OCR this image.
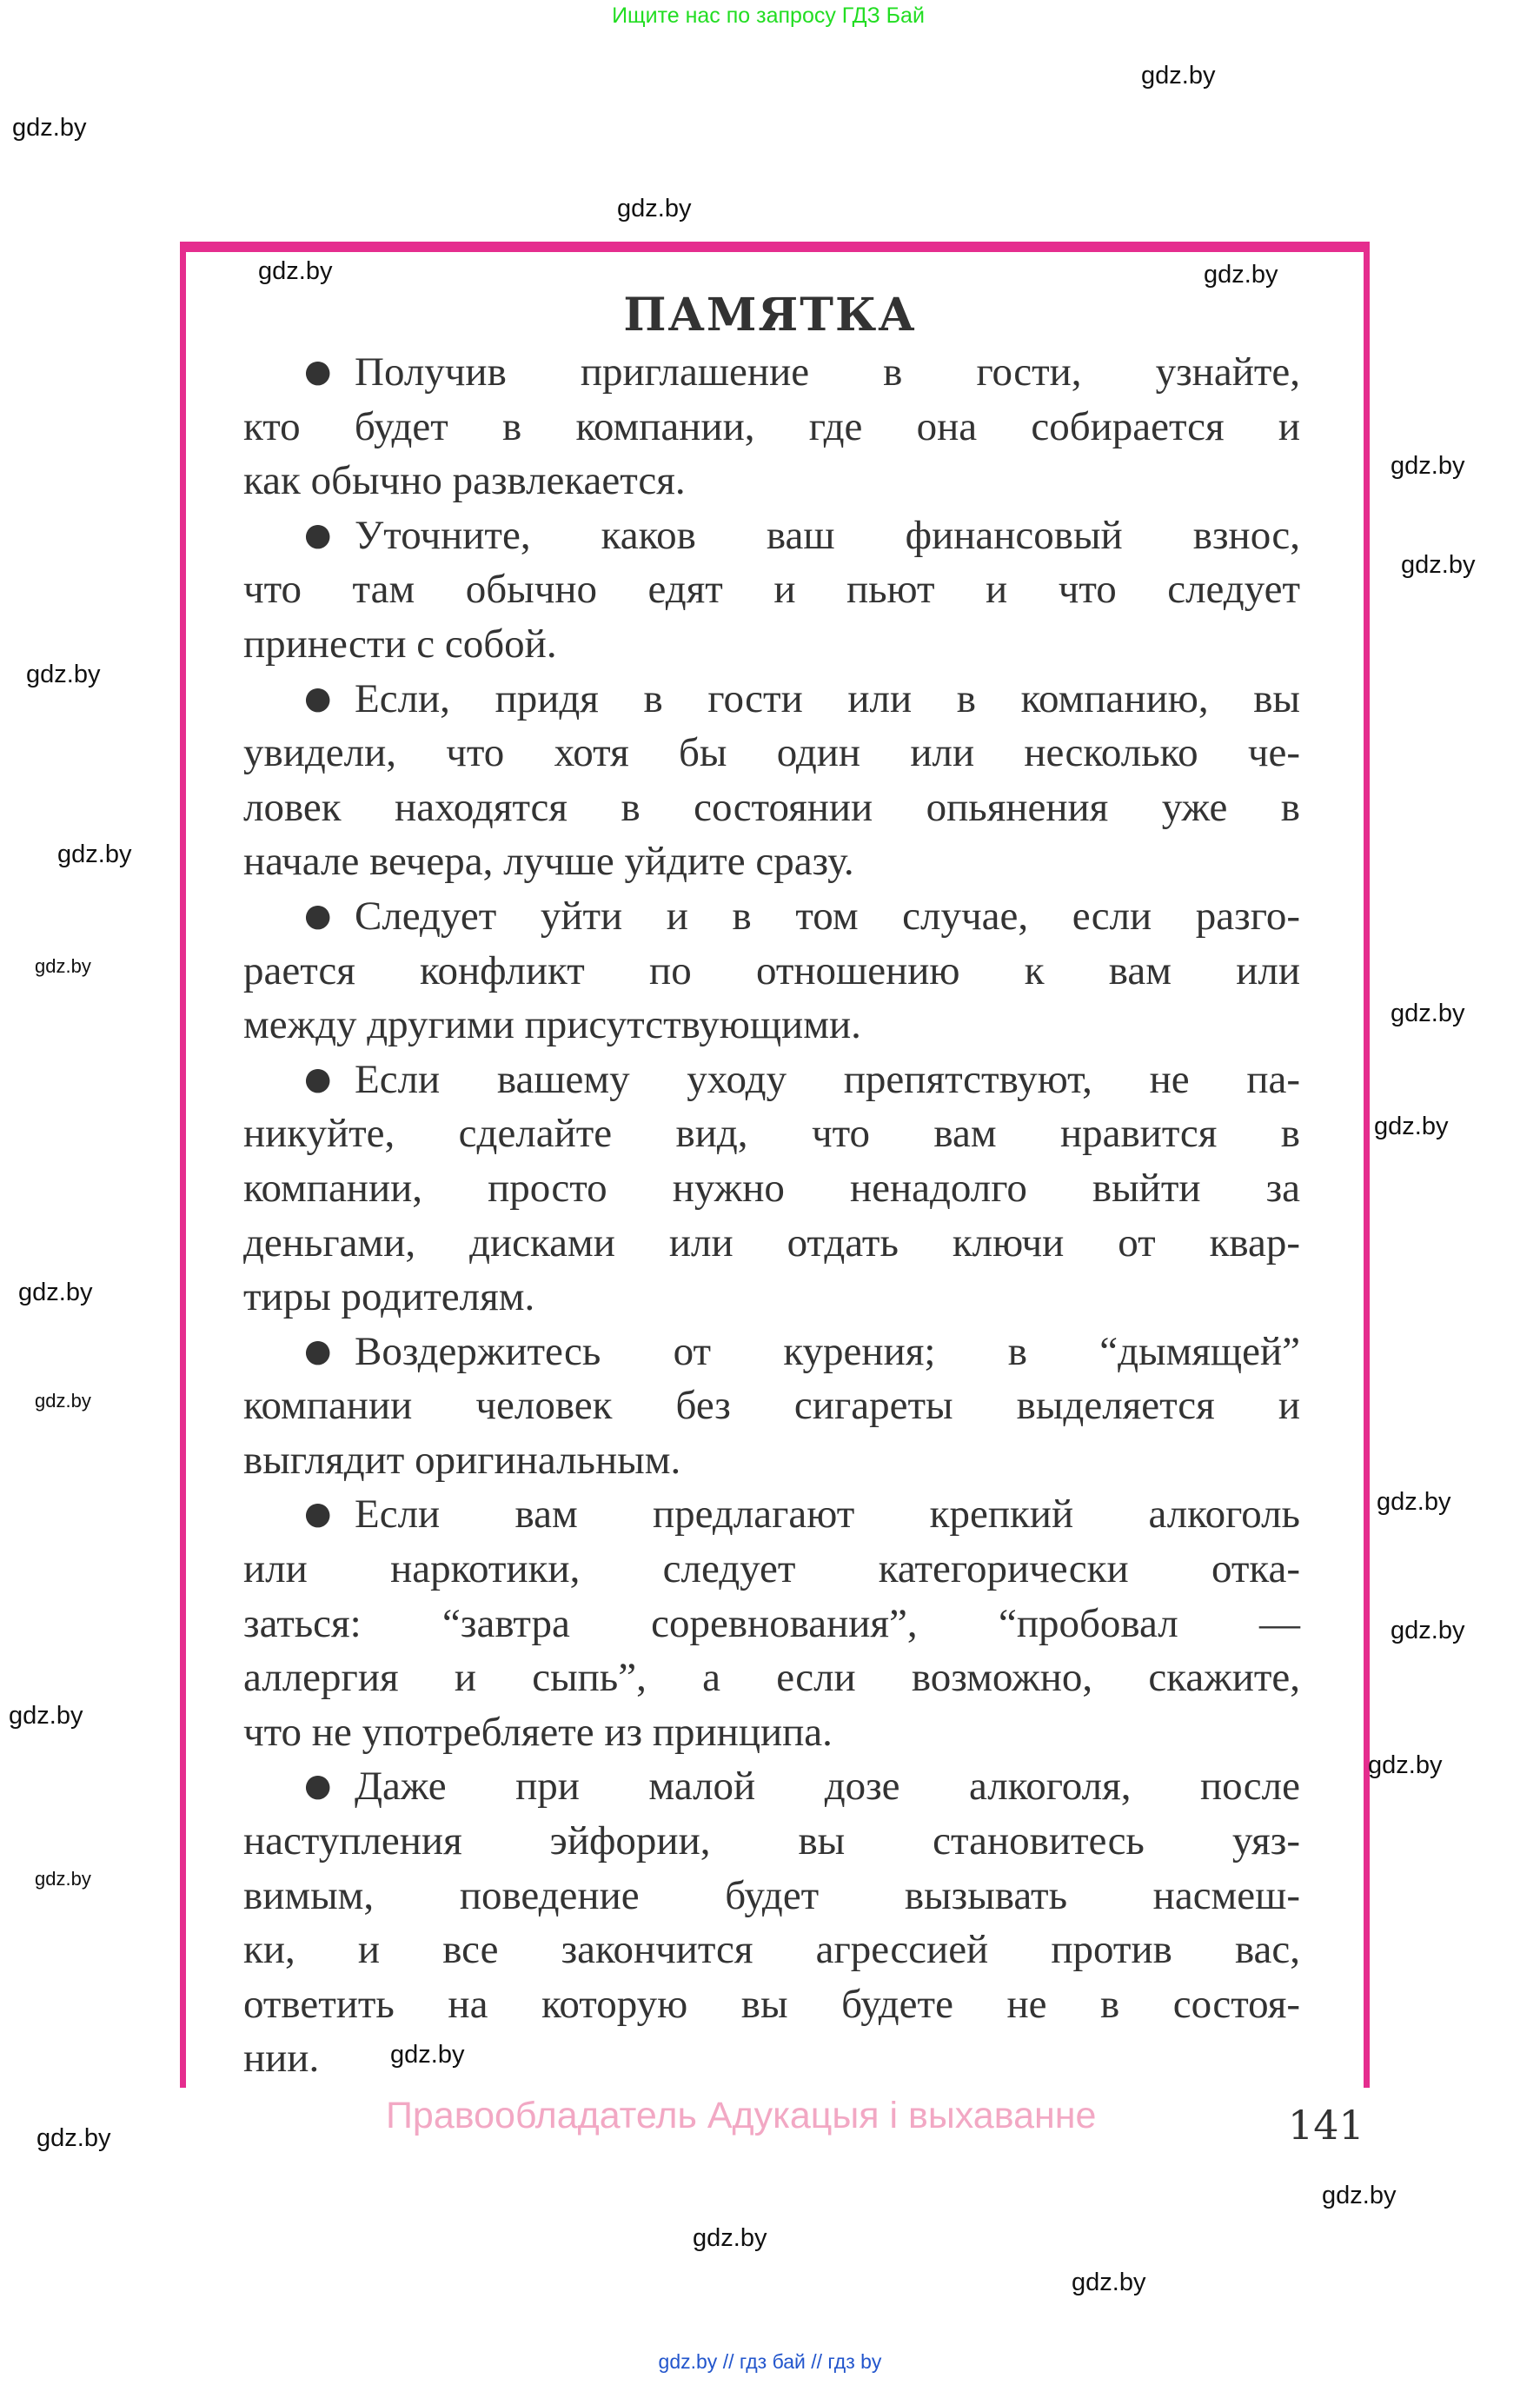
Ищите нас по запросу ГДЗ Бай
ПАМЯТКА
● Получив приглашение в гости, узнайте,
кто будет в компании, где она собирается и
как обычно развлекается.
● Уточните, каков ваш финансовый взнос,
что там обычно едят и пьют и что следует
принести с собой.
● Если, придя в гости или в компанию, вы
увидели, что хотя бы один или несколько че-
ловек находятся в состоянии опьянения уже в
начале вечера, лучше уйдите сразу.
● Следует уйти и в том случае, если разго-
рается конфликт по отношению к вам или
между другими присутствующими.
● Если вашему уходу препятствуют, не па-
никуйте, сделайте вид, что вам нравится в
компании, просто нужно ненадолго выйти за
деньгами, дисками или отдать ключи от квар-
тиры родителям.
● Воздержитесь от курения; в “дымящей”
компании человек без сигареты выделяется и
выглядит оригинальным.
● Если вам предлагают крепкий алкоголь
или наркотики, следует категорически отка-
заться: “завтра соревнования”, “пробовал —
аллергия и сыпь”, а если возможно, скажите,
что не употребляете из принципа.
● Даже при малой дозе алкоголя, после
наступления эйфории, вы становитесь уяз-
вимым, поведение будет вызывать насмеш-
ки, и все закончится агрессией против вас,
ответить на которую вы будете не в состоя-
нии.
Правообладатель Адукацыя і выхаванне	141
gdz.by // гдз бай // гдз by
gdz.by
gdz.by
gdz.by
gdz.by
gdz.by
gdz.by
gdz.by
gdz.by
gdz.by
gdz.by
gdz.by
gdz.by
gdz.by
gdz.by
gdz.by
gdz.by
gdz.by
gdz.by
gdz.by
gdz.by
gdz.by
gdz.by
gdz.by
gdz.by
